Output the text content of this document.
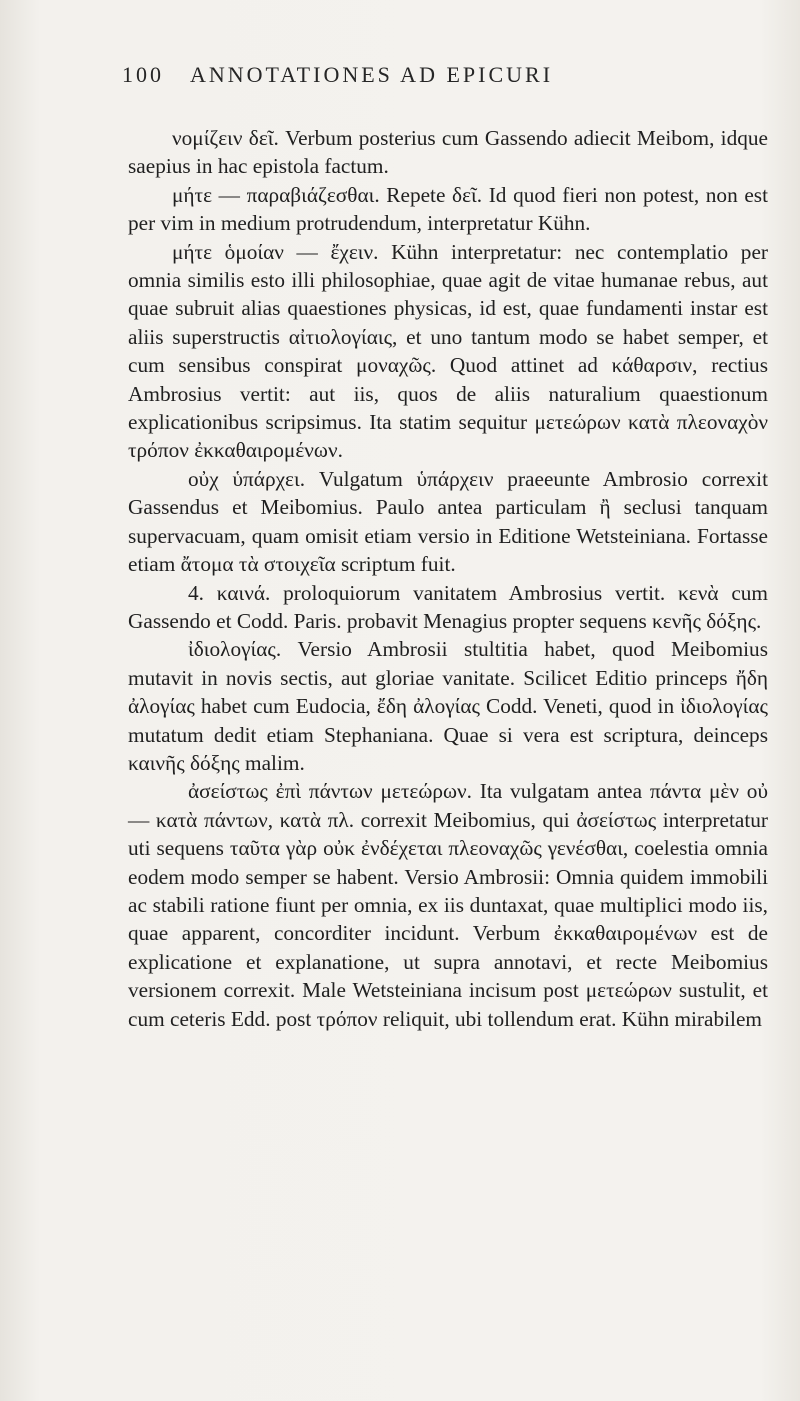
100 ANNOTATIONES AD EPICURI

νομίζειν δεῖ. Verbum posterius cum Gassendo adiecit Meibom, idque saepius in hac epistola factum.

μήτε — παραβιάζεσθαι. Repete δεῖ. Id quod fieri non potest, non est per vim in medium protrudendum, interpretatur Kühn.

μήτε ὁμοίαν — ἔχειν. Kühn interpretatur: nec contemplatio per omnia similis esto illi philosophiae, quae agit de vitae humanae rebus, aut quae subruit alias quaestiones physicas, id est, quae fundamenti instar est aliis superstructis αἰτιολογίαις, et uno tantum modo se habet semper, et cum sensibus conspirat μοναχῶς. Quod attinet ad κάθαρσιν, rectius Ambrosius vertit: aut iis, quos de aliis naturalium quaestionum explicationibus scripsimus. Ita statim sequitur μετεώρων κατὰ πλεοναχὸν τρόπον ἐκκαθαιρομένων.

οὐχ ὑπάρχει. Vulgatum ὑπάρχειν praeeunte Ambrosio correxit Gassendus et Meibomius. Paulo antea particulam ἢ seclusi tanquam supervacuam, quam omisit etiam versio in Editione Wetsteiniana. Fortasse etiam ἄτομα τὰ στοιχεῖα scriptum fuit.

4. καινά. proloquiorum vanitatem Ambrosius vertit. κενὰ cum Gassendo et Codd. Paris. probavit Menagius propter sequens κενῆς δόξης.

ἰδιολογίας. Versio Ambrosii stultitia habet, quod Meibomius mutavit in novis sectis, aut gloriae vanitate. Scilicet Editio princeps ἤδη ἀλογίας habet cum Eudocia, ἔδη ἀλογίας Codd. Veneti, quod in ἰδιολογίας mutatum dedit etiam Stephaniana. Quae si vera est scriptura, deinceps καινῆς δόξης malim.

ἀσείστως ἐπὶ πάντων μετεώρων. Ita vulgatam antea πάντα μὲν οὐ — κατὰ πάντων, κατὰ πλ. correxit Meibomius, qui ἀσείστως interpretatur uti sequens ταῦτα γὰρ οὐκ ἐνδέχεται πλεοναχῶς γενέσθαι, coelestia omnia eodem modo semper se habent. Versio Ambrosii: Omnia quidem immobili ac stabili ratione fiunt per omnia, ex iis duntaxat, quae multiplici modo iis, quae apparent, concorditer incidunt. Verbum ἐκκαθαιρομένων est de explicatione et explanatione, ut supra annotavi, et recte Meibomius versionem correxit. Male Wetsteiniana incisum post μετεώρων sustulit, et cum ceteris Edd. post τρόπον reliquit, ubi tollendum erat. Kühn mirabilem
